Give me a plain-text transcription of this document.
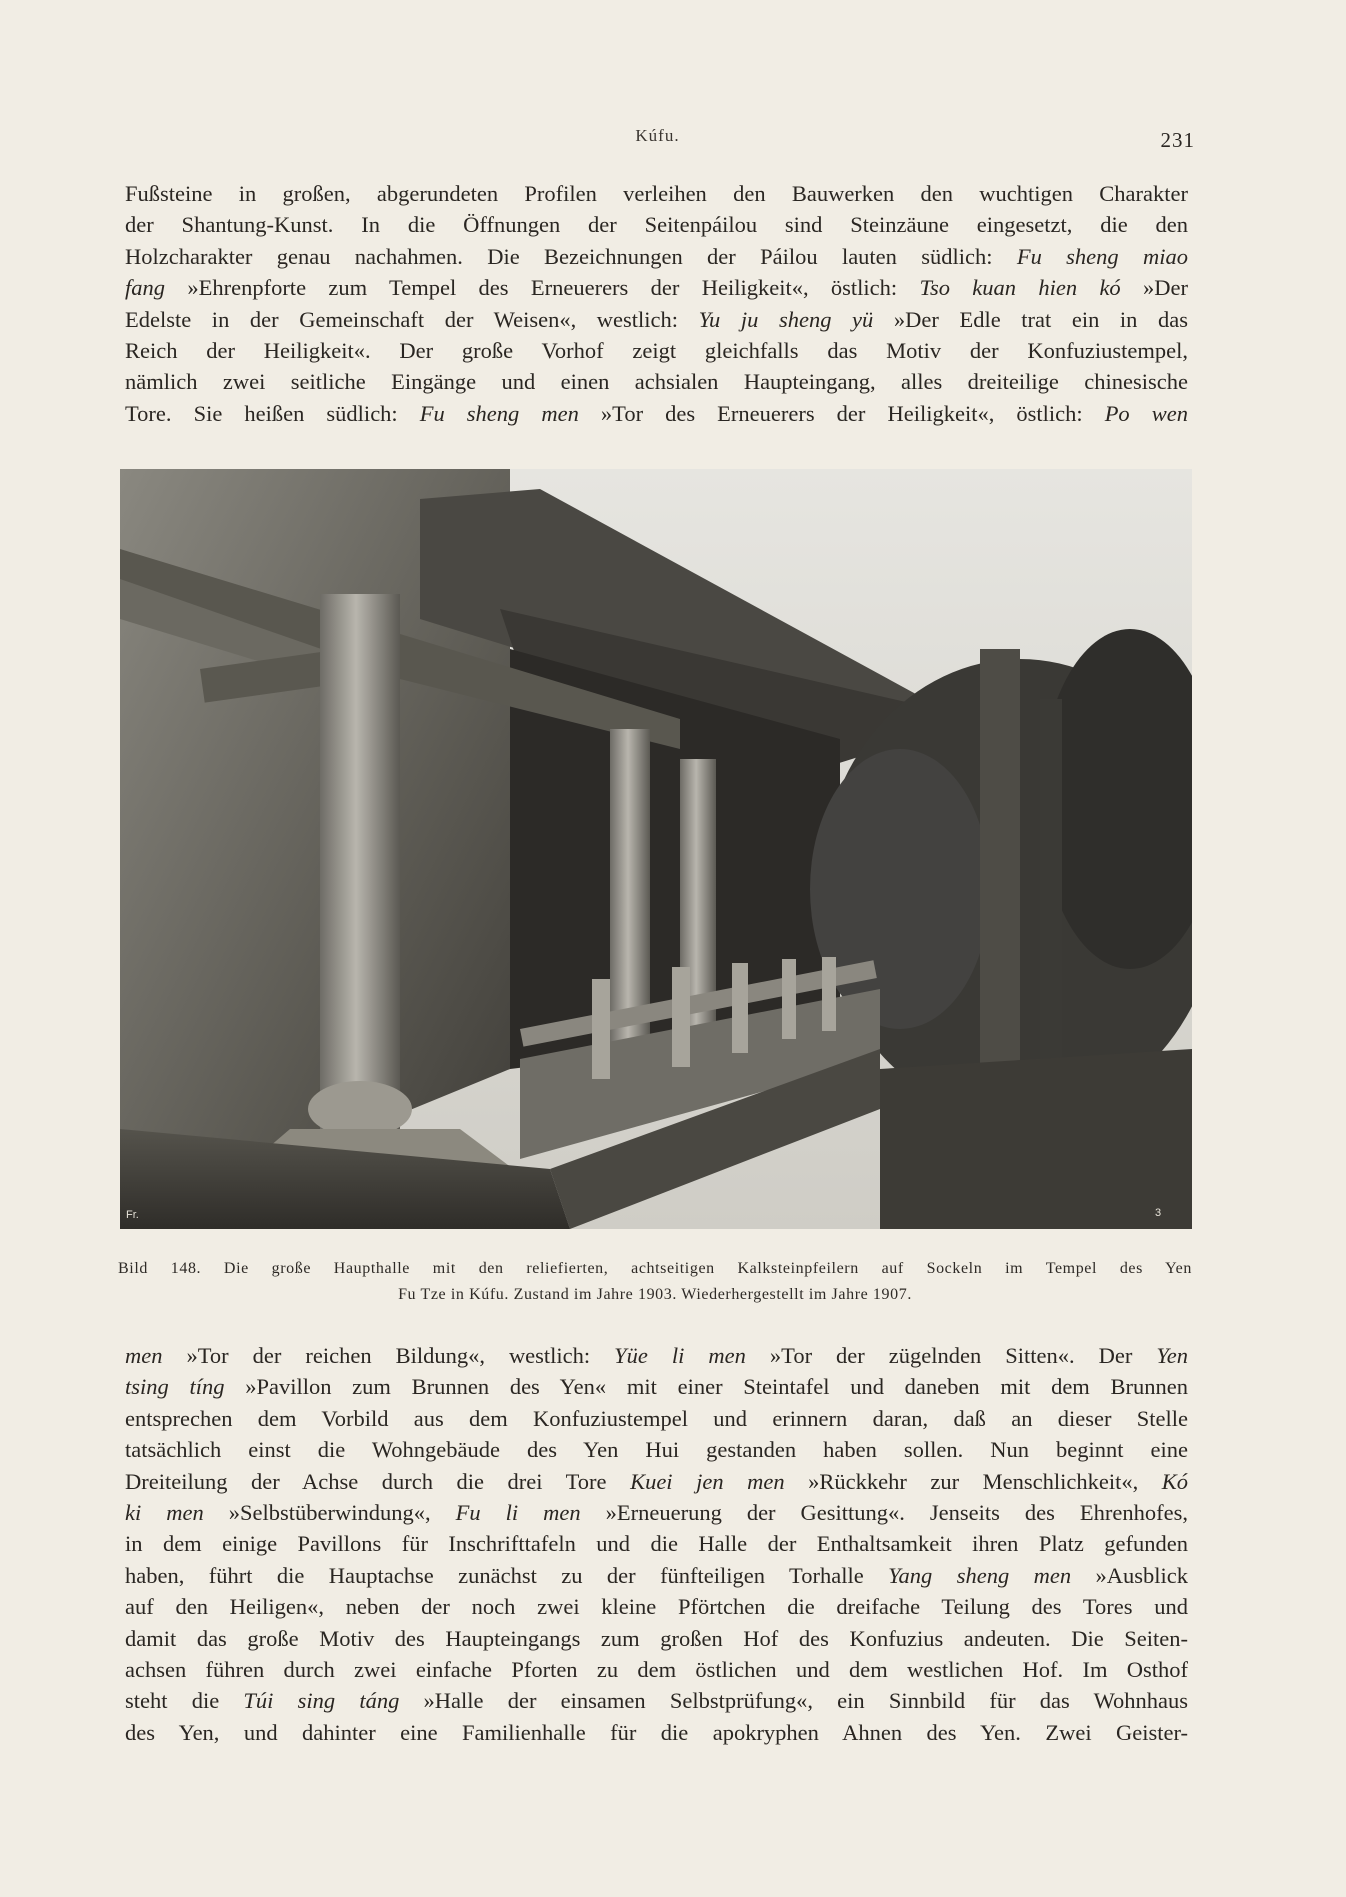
Kúfu.	231
Fußsteine in großen, abgerundeten Profilen verleihen den Bauwerken den wuchtigen Charakter
der Shantung-Kunst. In die Öffnungen der Seitenpáilou sind Steinzäune eingesetzt, die den
Holzcharakter genau nachahmen. Die Bezeichnungen der Páilou lauten südlich: Fu sheng miao
fang »Ehrenpforte zum Tempel des Erneuerers der Heiligkeit«, östlich: Tso kuan hien kó »Der
Edelste in der Gemeinschaft der Weisen«, westlich: Yu ju sheng yü »Der Edle trat ein in das
Reich der Heiligkeit«. Der große Vorhof zeigt gleichfalls das Motiv der Konfuziustempel,
nämlich zwei seitliche Eingänge und einen achsialen Haupteingang, alles dreiteilige chinesische
Tore. Sie heißen südlich: Fu sheng men »Tor des Erneuerers der Heiligkeit«, östlich: Po wen
Fr.	3
Bild 148. Die große Haupthalle mit den reliefierten, achtseitigen Kalksteinpfeilern auf Sockeln im Tempel des Yen
Fu Tze in Kúfu. Zustand im Jahre 1903. Wiederhergestellt im Jahre 1907.
men »Tor der reichen Bildung«, westlich: Yüe li men »Tor der zügelnden Sitten«. Der Yen
tsing tíng »Pavillon zum Brunnen des Yen« mit einer Steintafel und daneben mit dem Brunnen
entsprechen dem Vorbild aus dem Konfuziustempel und erinnern daran, daß an dieser Stelle
tatsächlich einst die Wohngebäude des Yen Hui gestanden haben sollen. Nun beginnt eine
Dreiteilung der Achse durch die drei Tore Kuei jen men »Rückkehr zur Menschlichkeit«, Kó
ki men »Selbstüberwindung«, Fu li men »Erneuerung der Gesittung«. Jenseits des Ehrenhofes,
in dem einige Pavillons für Inschrifttafeln und die Halle der Enthaltsamkeit ihren Platz gefunden
haben, führt die Hauptachse zunächst zu der fünfteiligen Torhalle Yang sheng men »Ausblick
auf den Heiligen«, neben der noch zwei kleine Pförtchen die dreifache Teilung des Tores und
damit das große Motiv des Haupteingangs zum großen Hof des Konfuzius andeuten. Die Seiten-
achsen führen durch zwei einfache Pforten zu dem östlichen und dem westlichen Hof. Im Osthof
steht die Túi sing táng »Halle der einsamen Selbstprüfung«, ein Sinnbild für das Wohnhaus
des Yen, und dahinter eine Familienhalle für die apokryphen Ahnen des Yen. Zwei Geister-
